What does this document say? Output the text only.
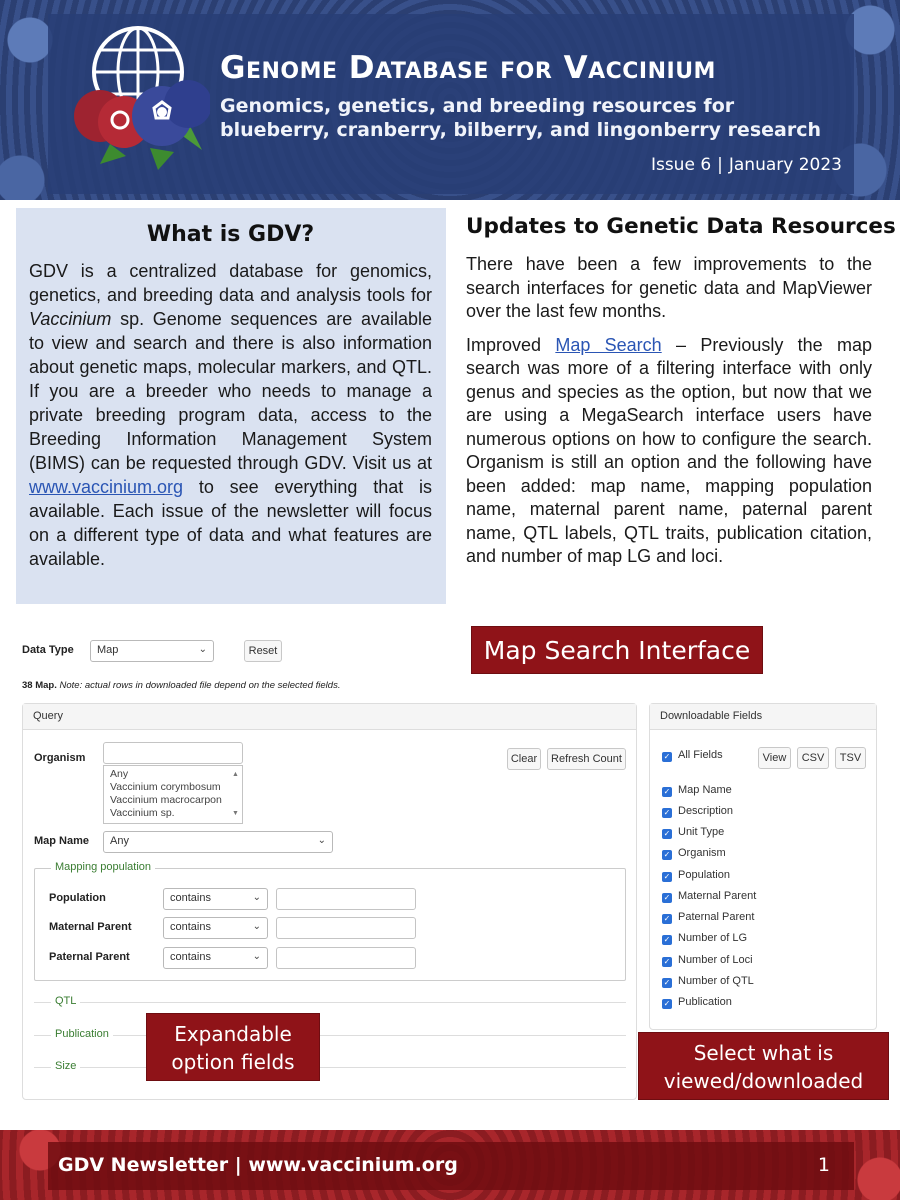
Genome Database for Vaccinium
Genomics, genetics, and breeding resources for blueberry, cranberry, bilberry, and lingonberry research
Issue 6 | January 2023
What is GDV?

GDV is a centralized database for genomics, genetics, and breeding data and analysis tools for Vaccinium sp. Genome sequences are available to view and search and there is also information about genetic maps, molecular markers, and QTL. If you are a breeder who needs to manage a private breeding program data, access to the Breeding Information Management System (BIMS) can be requested through GDV. Visit us at www.vaccinium.org to see everything that is available. Each issue of the newsletter will focus on a different type of data and what features are available.

Updates to Genetic Data Resources

There have been a few improvements to the search interfaces for genetic data and MapViewer over the last few months.

Improved Map Search – Previously the map search was more of a filtering interface with only genus and species as the option, but now that we are using a MegaSearch interface users have numerous options on how to configure the search. Organism is still an option and the following have been added: map name, mapping population name, maternal parent name, paternal parent name, QTL labels, QTL traits, publication citation, and number of map LG and loci.

Data Type	Map	⌄	Reset	Map Search Interface
38 Map. Note: actual rows in downloaded file depend on the selected fields.
Query
Organism
Any
Vaccinium corymbosum
Vaccinium macrocarpon
Vaccinium sp.
▲

▼
Clear	Refresh Count
Map Name	Any	⌄
Mapping population
Population	contains	⌄
Maternal Parent	contains	⌄
Paternal Parent	contains	⌄
QTL
Publication
Size
Downloadable Fields
✓ All Fields	View	CSV	TSV
✓ Map Name
✓ Description
✓ Unit Type
✓ Organism
✓ Population
✓ Maternal Parent
✓ Paternal Parent
✓ Number of LG
✓ Number of Loci
✓ Number of QTL
✓ Publication
Expandable
option fields	Select what is
viewed/downloaded
GDV Newsletter | www.vaccinium.org	1
